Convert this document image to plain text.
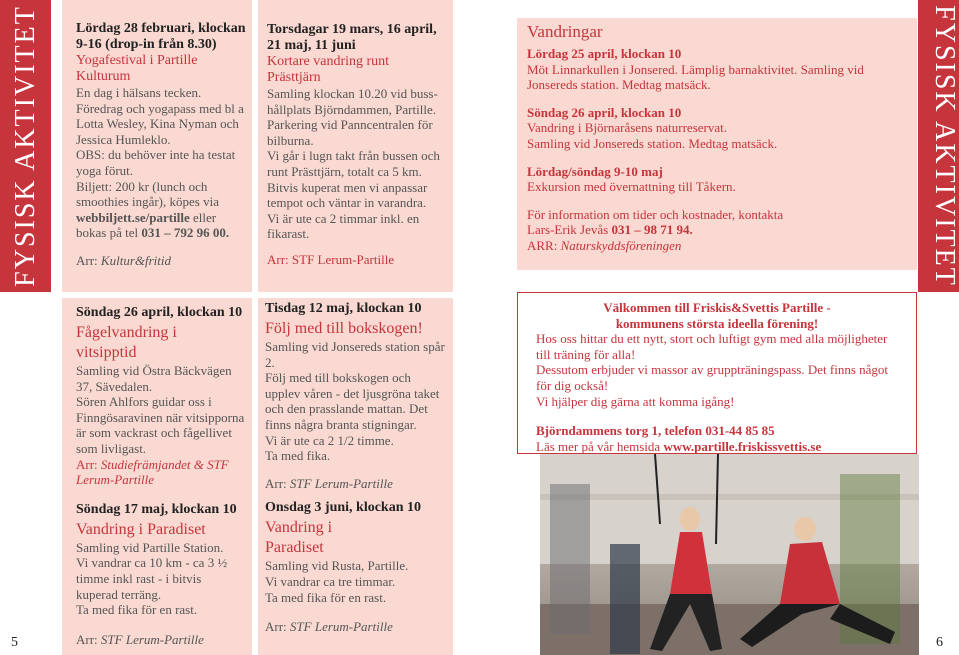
FYSISK AKTIVITET	FYSISK AKTIVITET
Lördag 28 februari, klockan
9-16 (drop-in från 8.30)
Yogafestival i Partille
Kulturum
En dag i hälsans tecken.
Föredrag och yogapass med bl a
Lotta Wesley, Kina Nyman och
Jessica Humleklo.
OBS: du behöver inte ha testat
yoga förut.
Biljett: 200 kr (lunch och
smoothies ingår), köpes via
webbiljett.se/partille eller
bokas på tel 031 – 792 96 00.
Arr: Kultur&fritid
Torsdagar 19 mars, 16 april,
21 maj, 11 juni
Kortare vandring runt
Prästtjärn
Samling klockan 10.20 vid buss-
hållplats Björndammen, Partille.
Parkering vid Panncentralen för
bilburna.
Vi går i lugn takt från bussen och
runt Prästtjärn, totalt ca 5 km.
Bitvis kuperat men vi anpassar
tempot och väntar in varandra.
Vi är ute ca 2 timmar inkl. en
fikarast.
Arr: STF Lerum-Partille
Vandringar
Lördag 25 april, klockan 10
Möt Linnarkullen i Jonsered. Lämplig barnaktivitet. Samling vid
Jonsereds station. Medtag matsäck.
Söndag 26 april, klockan 10
Vandring i Björnaråsens naturreservat.
Samling vid Jonsereds station. Medtag matsäck.
Lördag/söndag 9-10 maj
Exkursion med övernattning till Tåkern.
För information om tider och kostnader, kontakta
Lars-Erik Jevås 031 – 98 71 94.
ARR: Naturskyddsföreningen
Söndag 26 april, klockan 10
Fågelvandring i
vitsipptid
Samling vid Östra Bäckvägen
37, Sävedalen.
Sören Ahlfors guidar oss i
Finngösaravinen när vitsipporna
är som vackrast och fågellivet
som livligast.
Arr: Studiefrämjandet & STF
Lerum-Partille
Söndag 17 maj, klockan 10
Vandring i Paradiset
Samling vid Partille Station.
Vi vandrar ca 10 km - ca 3 ½
timme inkl rast - i bitvis
kuperad terräng.
Ta med fika för en rast.
Arr: STF Lerum-Partille
Tisdag 12 maj, klockan 10
Följ med till bokskogen!
Samling vid Jonsereds station spår
2.
Följ med till bokskogen och
upplev våren - det ljusgröna taket
och den prasslande mattan. Det
finns några branta stigningar.
Vi är ute ca 2 1/2 timme.
Ta med fika.
Arr: STF Lerum-Partille
Onsdag 3 juni, klockan 10
Vandring i
Paradiset
Samling vid Rusta, Partille.
Vi vandrar ca tre timmar.
Ta med fika för en rast.
Arr: STF Lerum-Partille
Välkommen till Friskis&Svettis Partille -
kommunens största ideella förening!
Hos oss hittar du ett nytt, stort och luftigt gym med alla möjligheter
till träning för alla!
Dessutom erbjuder vi massor av gruppträningspass. Det finns något
för dig också!
Vi hjälper dig gärna att komma igång!
Björndammens torg 1, telefon 031-44 85 85
Läs mer på vår hemsida www.partille.friskissvettis.se
5	6
